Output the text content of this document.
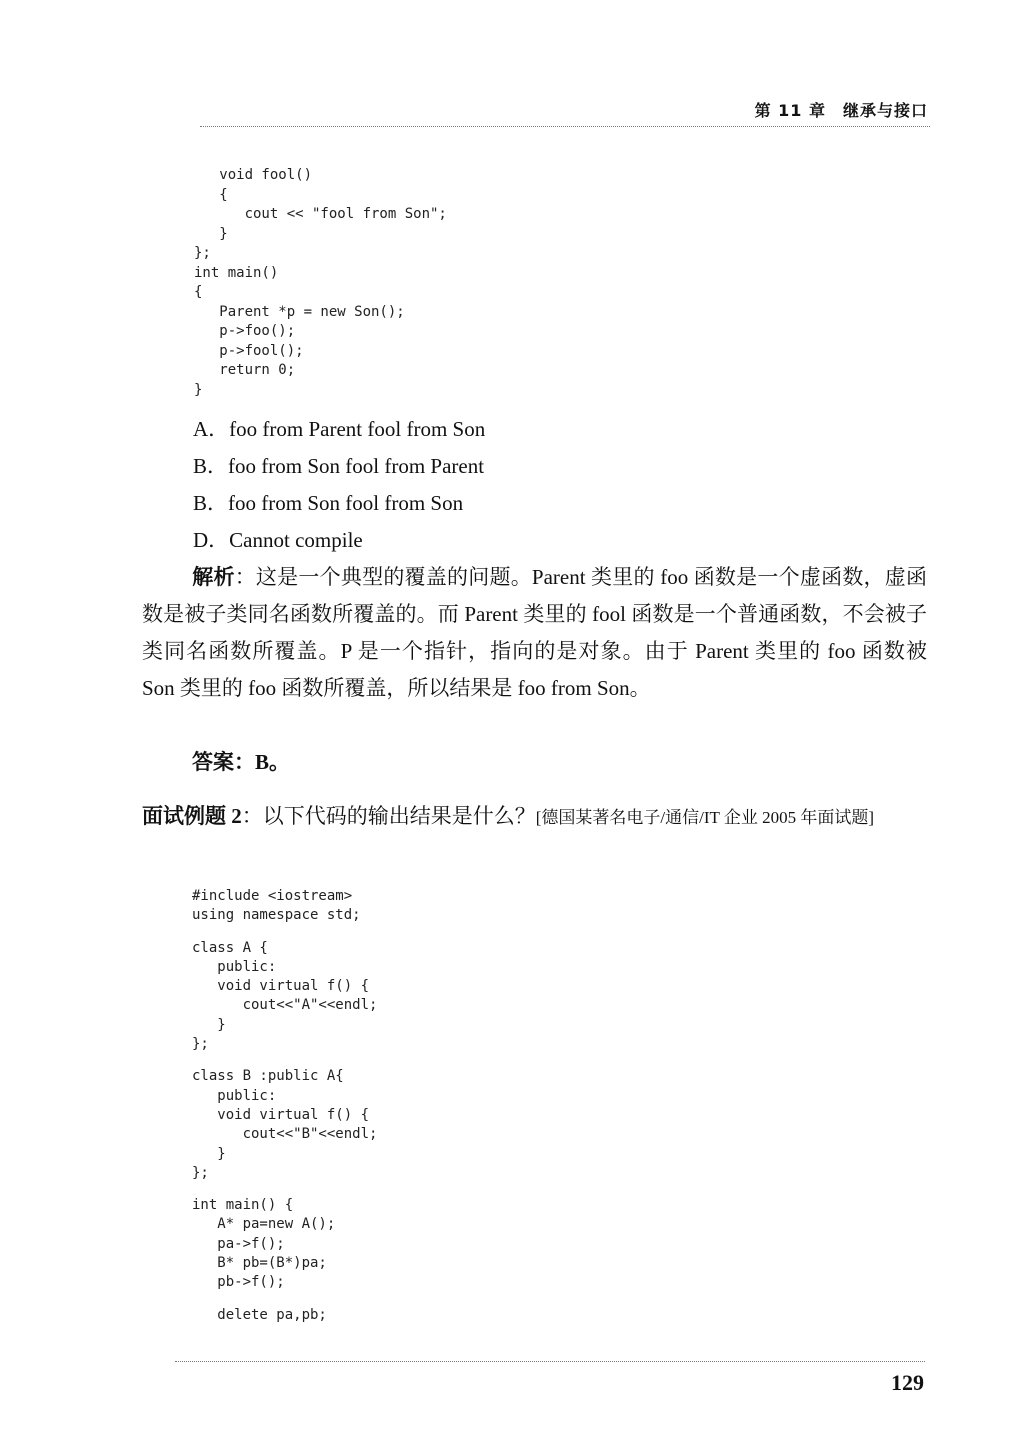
第 11 章　继承与接口
void fool()
{
cout << "fool from Son";
}
};
int main()
{
Parent *p = new Son();
p->foo();
p->fool();
return 0;
}
A．foo from Parent fool from Son
B．foo from Son fool from Parent
B．foo from Son fool from Son
D．Cannot compile
解析：这是一个典型的覆盖的问题。Parent 类里的 foo 函数是一个虚函数，虚函数是被子类同名函数所覆盖的。而 Parent 类里的 fool 函数是一个普通函数，不会被子类同名函数所覆盖。P 是一个指针，指向的是对象。由于 Parent 类里的 foo 函数被 Son 类里的 foo 函数所覆盖，所以结果是 foo from Son。
答案：B。
面试例题 2：以下代码的输出结果是什么？[德国某著名电子/通信/IT 企业 2005 年面试题]
#include <iostream>
using namespace std;
class A {
public:
void virtual f() {
cout<<"A"<<endl;
}
};
class B :public A{
public:
void virtual f() {
cout<<"B"<<endl;
}
};
int main() {
A* pa=new A();
pa->f();
B* pb=(B*)pa;
pb->f();
delete pa,pb;
129
